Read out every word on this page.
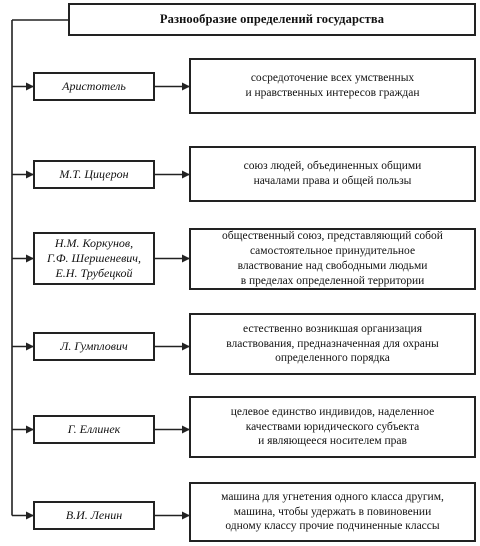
Разнообразие определений государства
Аристотель
сосредоточение всех умственных
и нравственных интересов граждан
М.Т. Цицерон
союз людей, объединенных общими
началами права и общей пользы
Н.М. Коркунов,
Г.Ф. Шершеневич,
Е.Н. Трубецкой
общественный союз, представляющий собой
самостоятельное принудительное
властвование над свободными людьми
в пределах определенной территории
Л. Гумплович
естественно возникшая организация
властвования, предназначенная для охраны
определенного порядка
Г. Еллинек
целевое единство индивидов, наделенное
качествами юридического субъекта
и являющееся носителем прав
В.И. Ленин
машина для угнетения одного класса другим,
машина, чтобы удержать в повиновении
одному классу прочие подчиненные классы
